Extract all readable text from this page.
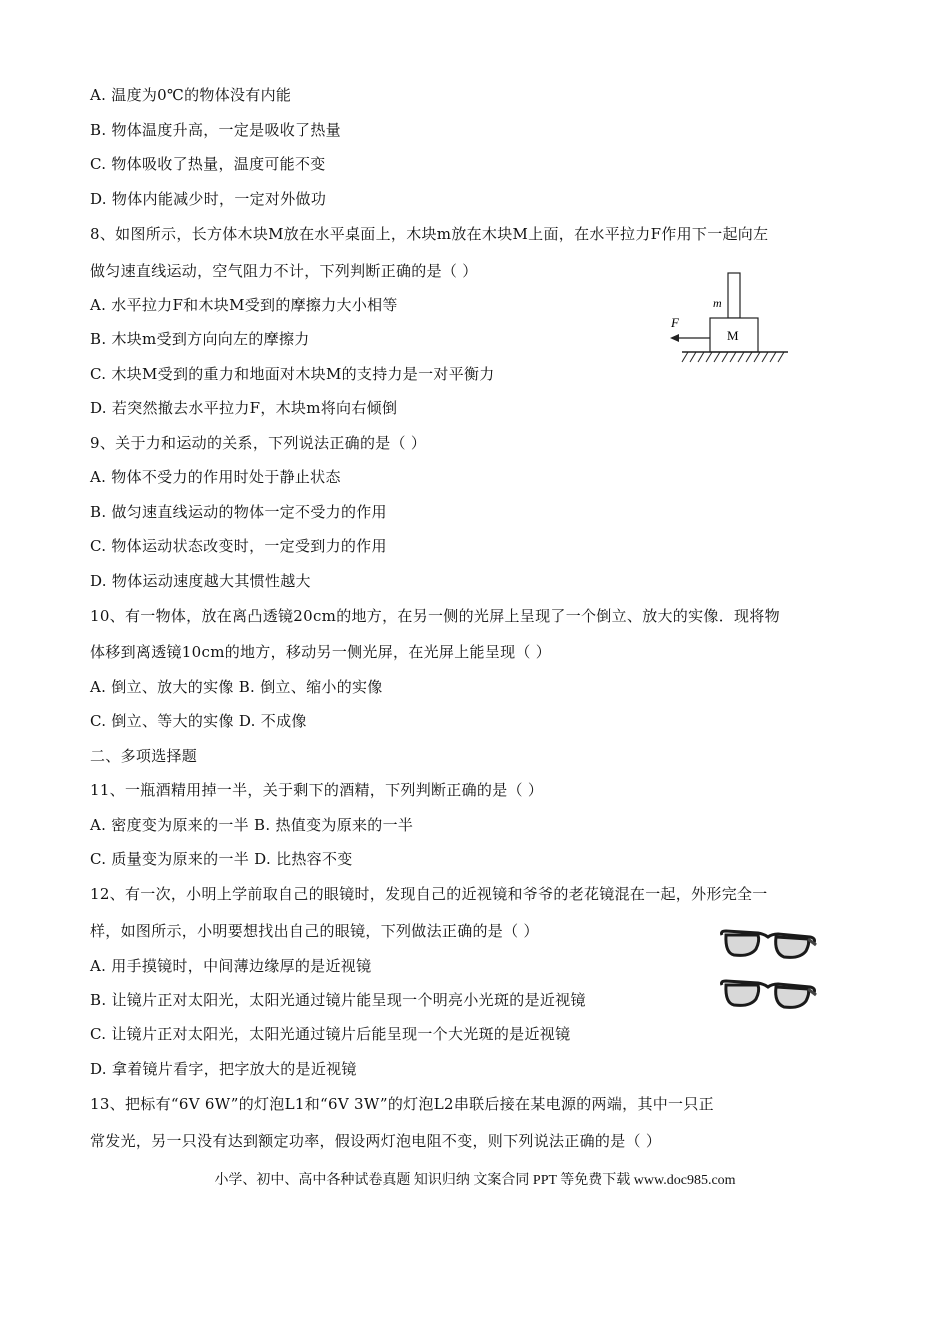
A. 温度为0℃的物体没有内能
B. 物体温度升高，一定是吸收了热量
C. 物体吸收了热量，温度可能不变
D. 物体内能减少时，一定对外做功
8、如图所示，长方体木块M放在水平桌面上，木块m放在木块M上面，在水平拉力F作用下一起向左
做匀速直线运动，空气阻力不计，下列判断正确的是（ ）
A. 水平拉力F和木块M受到的摩擦力大小相等
B. 木块m受到方向向左的摩擦力
C. 木块M受到的重力和地面对木块M的支持力是一对平衡力
D. 若突然撤去水平拉力F，木块m将向右倾倒
9、关于力和运动的关系，下列说法正确的是（ ）
A. 物体不受力的作用时处于静止状态
B. 做匀速直线运动的物体一定不受力的作用
C. 物体运动状态改变时，一定受到力的作用
D. 物体运动速度越大其惯性越大
10、有一物体，放在离凸透镜20cm的地方，在另一侧的光屏上呈现了一个倒立、放大的实像．现将物
体移到离透镜10cm的地方，移动另一侧光屏，在光屏上能呈现（ ）
A. 倒立、放大的实像 B. 倒立、缩小的实像
C. 倒立、等大的实像 D. 不成像
二、多项选择题
11、一瓶酒精用掉一半，关于剩下的酒精，下列判断正确的是（ ）
A. 密度变为原来的一半 B. 热值变为原来的一半
C. 质量变为原来的一半 D. 比热容不变
12、有一次，小明上学前取自己的眼镜时，发现自己的近视镜和爷爷的老花镜混在一起，外形完全一
样，如图所示，小明要想找出自己的眼镜，下列做法正确的是（ ）
A. 用手摸镜时，中间薄边缘厚的是近视镜
B. 让镜片正对太阳光，太阳光通过镜片能呈现一个明亮小光斑的是近视镜
C. 让镜片正对太阳光，太阳光通过镜片后能呈现一个大光斑的是近视镜
D. 拿着镜片看字，把字放大的是近视镜
13、把标有“6V 6W”的灯泡L1和“6V 3W”的灯泡L2串联后接在某电源的两端，其中一只正
常发光，另一只没有达到额定功率，假设两灯泡电阻不变，则下列说法正确的是（ ）
m
M
F
小学、初中、高中各种试卷真题 知识归纳 文案合同 PPT 等免费下载 www.doc985.com
